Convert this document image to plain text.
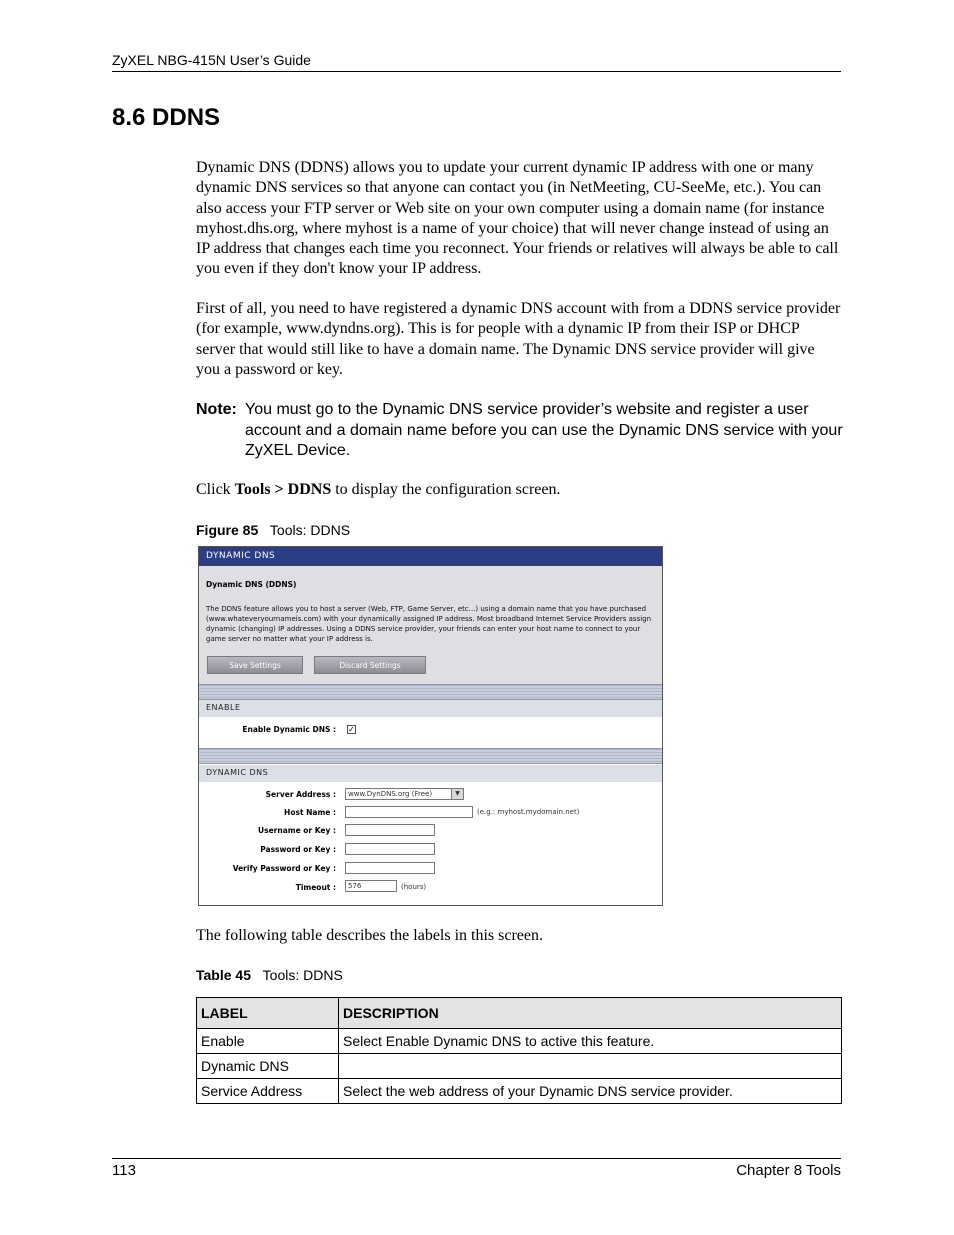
ZyXEL NBG-415N User’s Guide
8.6 DDNS
Dynamic DNS (DDNS) allows you to update your current dynamic IP address with one or many dynamic DNS services so that anyone can contact you (in NetMeeting, CU-SeeMe, etc.). You can also access your FTP server or Web site on your own computer using a domain name (for instance myhost.dhs.org, where myhost is a name of your choice) that will never change instead of using an IP address that changes each time you reconnect. Your friends or relatives will always be able to call you even if they don't know your IP address.
First of all, you need to have registered a dynamic DNS account with from a DDNS service provider (for example, www.dyndns.org). This is for people with a dynamic IP from their ISP or DHCP server that would still like to have a domain name. The Dynamic DNS service provider will give you a password or key.
Note: You must go to the Dynamic DNS service provider’s website and register a user account and a domain name before you can use the Dynamic DNS service with your ZyXEL Device.
Click Tools > DDNS to display the configuration screen.
Figure 85 Tools: DDNS
DYNAMIC DNS
Dynamic DNS (DDNS)
The DDNS feature allows you to host a server (Web, FTP, Game Server, etc...) using a domain name that you have purchased (www.whateveryournameis.com) with your dynamically assigned IP address. Most broadband Internet Service Providers assign dynamic (changing) IP addresses. Using a DDNS service provider, your friends can enter your host name to connect to your game server no matter what your IP address is.
Save Settings	Discard Settings
ENABLE
Enable Dynamic DNS : ✓
DYNAMIC DNS
Server Address :	www.DynDNS.org (Free)	▼
Host Name :	(e.g.: myhost.mydomain.net)
Username or Key :
Password or Key :
Verify Password or Key :
Timeout :	576	(hours)
The following table describes the labels in this screen.
Table 45 Tools: DDNS
LABEL	DESCRIPTION
Enable	Select Enable Dynamic DNS to active this feature.
Dynamic DNS	
Service Address	Select the web address of your Dynamic DNS service provider.
113	Chapter 8 Tools
